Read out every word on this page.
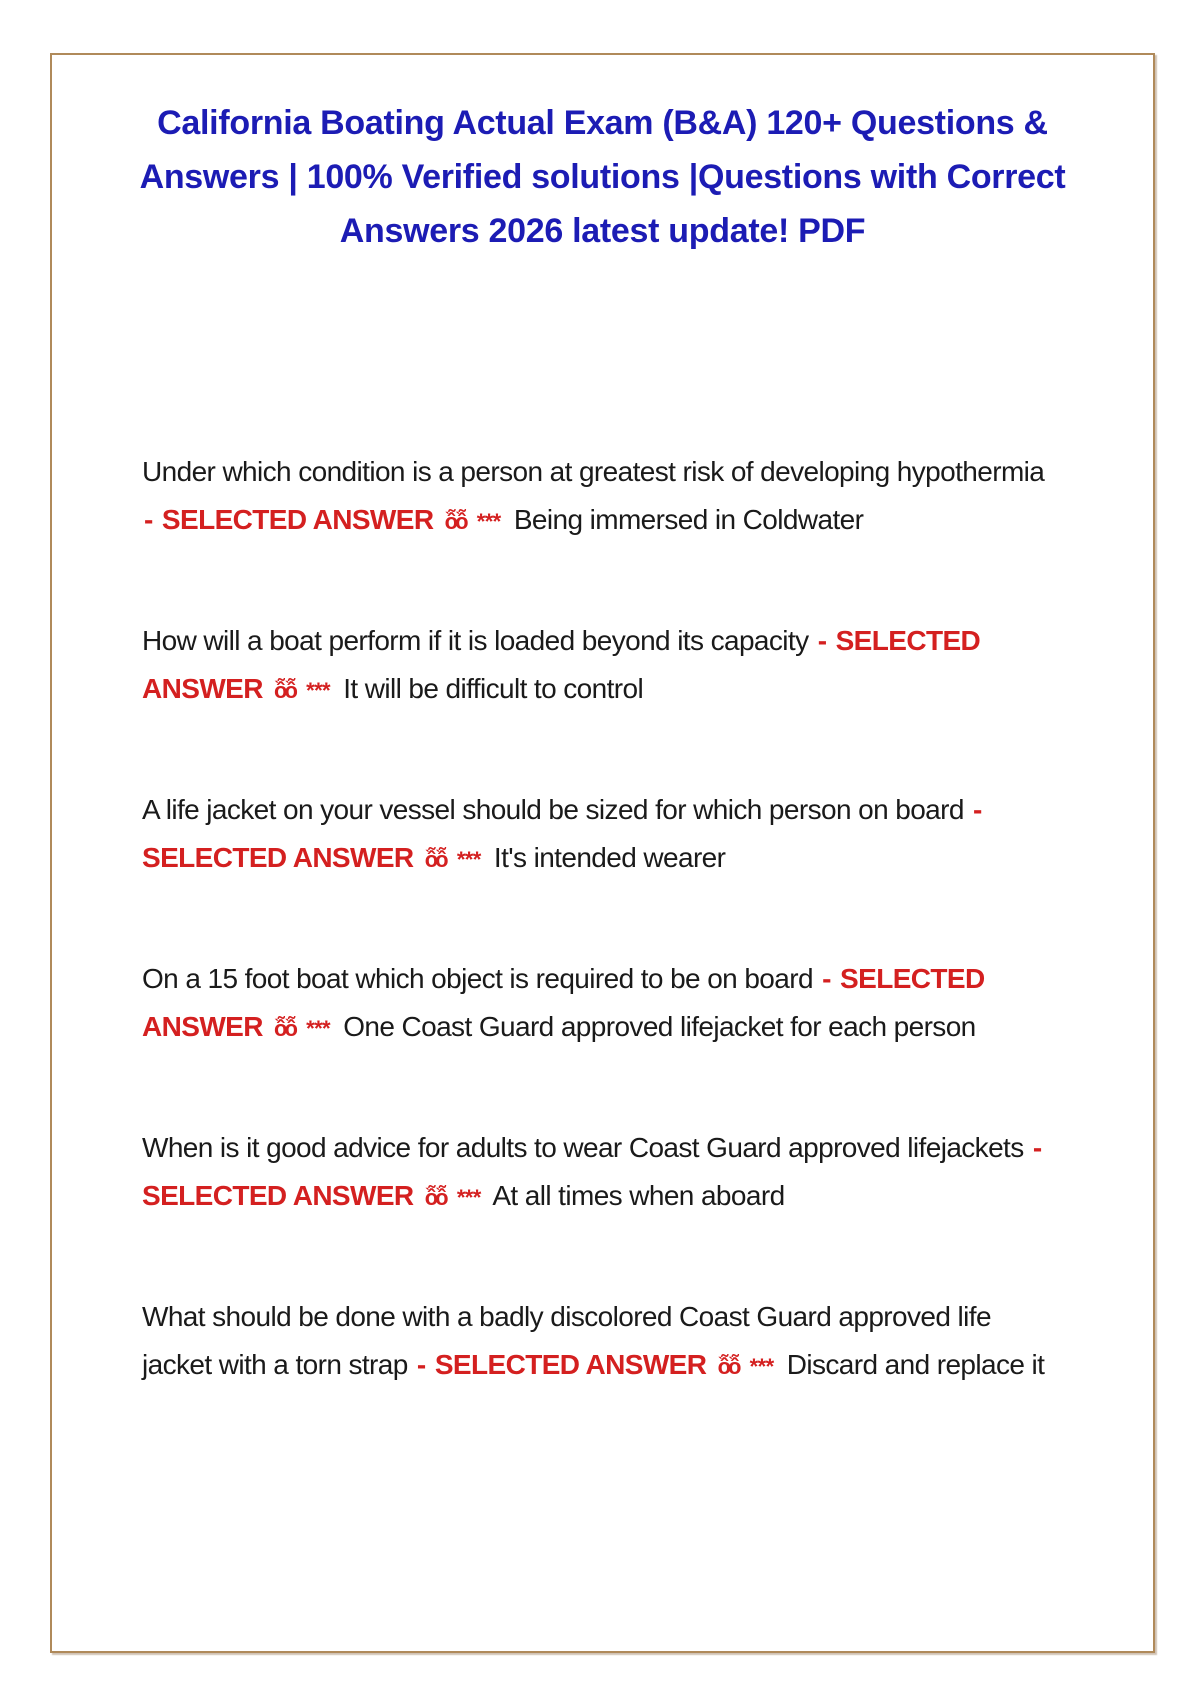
California Boating Actual Exam (B&A) 120+ Questions & Answers | 100% Verified solutions |Questions with Correct Answers 2026 latest update! PDF

Under which condition is a person at greatest risk of developing hypothermia - SELECTED ANSWER ồ̃ồ̃ *** Being immersed in Coldwater

How will a boat perform if it is loaded beyond its capacity - SELECTED ANSWER ồ̃ồ̃ *** It will be difficult to control

A life jacket on your vessel should be sized for which person on board - SELECTED ANSWER ồ̃ồ̃ *** It's intended wearer

On a 15 foot boat which object is required to be on board - SELECTED ANSWER ồ̃ồ̃ *** One Coast Guard approved lifejacket for each person

When is it good advice for adults to wear Coast Guard approved lifejackets - SELECTED ANSWER ồ̃ồ̃ *** At all times when aboard

What should be done with a badly discolored Coast Guard approved life jacket with a torn strap - SELECTED ANSWER ồ̃ồ̃ *** Discard and replace it
